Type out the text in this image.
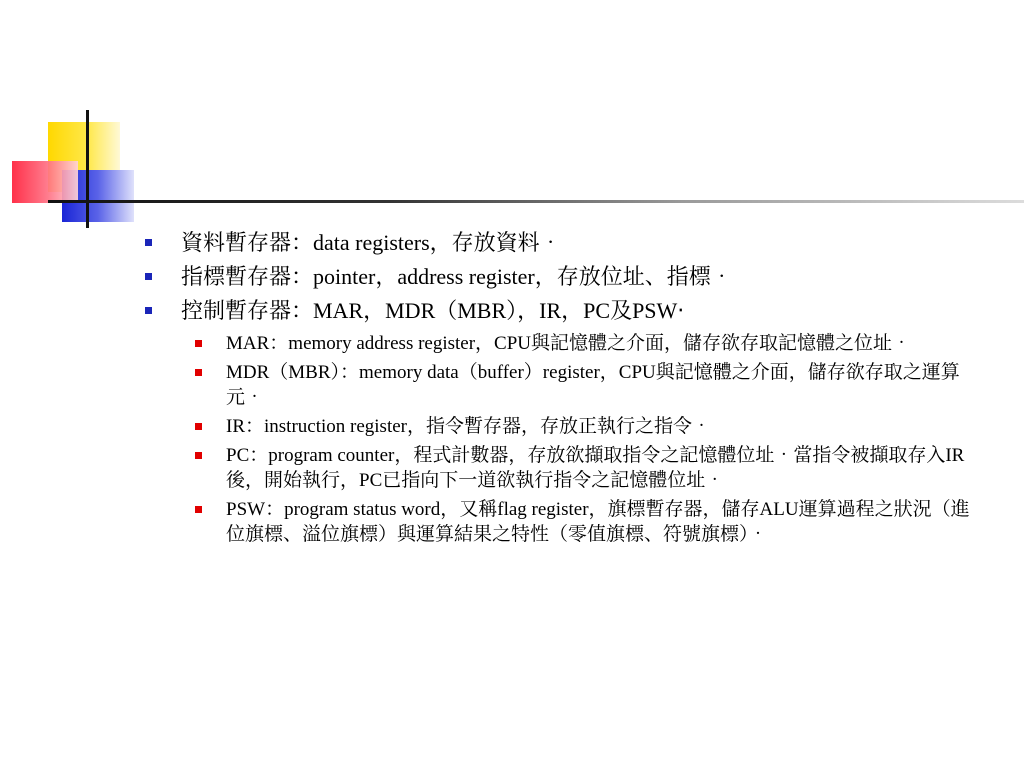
資料暫存器：data registers，存放資料‧
指標暫存器：pointer，address register，存放位址、指標‧
控制暫存器：MAR，MDR（MBR），IR，PC及PSW‧
MAR：memory address register，CPU與記憶體之介面，儲存欲存取記憶體之位址‧
MDR（MBR）：memory data（buffer）register，CPU與記憶體之介面，儲存欲存取之運算元‧
IR：instruction register，指令暫存器，存放正執行之指令‧
PC：program counter，程式計數器，存放欲擷取指令之記憶體位址‧當指令被擷取存入IR後，開始執行，PC已指向下一道欲執行指令之記憶體位址‧
PSW：program status word，又稱flag register，旗標暫存器，儲存ALU運算過程之狀況（進位旗標、溢位旗標）與運算結果之特性（零值旗標、符號旗標）‧
